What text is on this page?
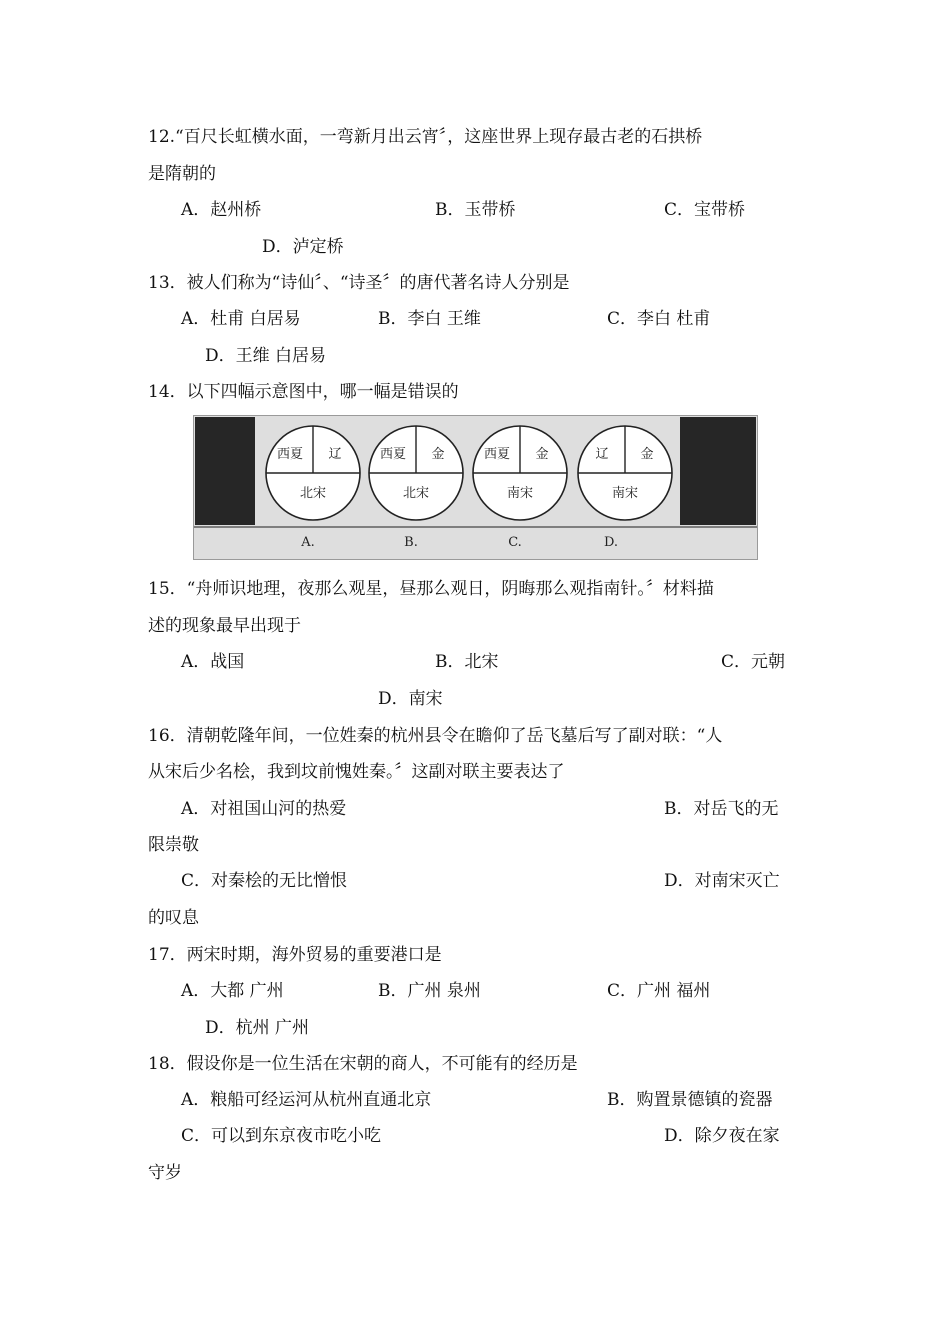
12.“百尺长虹横水面，一弯新月出云宵〞，这座世界上现存最古老的石拱桥
是隋朝的
A．赵州桥	B．玉带桥	C．宝带桥
D．泸定桥
13．被人们称为“诗仙〞、“诗圣〞的唐代著名诗人分别是
A．杜甫 白居易	B．李白 王维	C．李白 杜甫
D．王维 白居易
14．以下四幅示意图中，哪一幅是错误的
西夏 辽
北宋
A.
西夏 金
北宋
B.
西夏 金
南宋
C.
辽 金
南宋
D.
15．“舟师识地理，夜那么观星，昼那么观日，阴晦那么观指南针。〞材料描
述的现象最早出现于
A．战国	B．北宋	C．元朝
D．南宋
16．清朝乾隆年间，一位姓秦的杭州县令在瞻仰了岳飞墓后写了副对联：“人
从宋后少名桧，我到坟前愧姓秦。〞这副对联主要表达了
A．对祖国山河的热爱	B．对岳飞的无
限崇敬
C．对秦桧的无比憎恨	D．对南宋灭亡
的叹息
17．两宋时期，海外贸易的重要港口是
A．大都 广州	B．广州 泉州	C．广州 福州
D．杭州 广州
18．假设你是一位生活在宋朝的商人，不可能有的经历是
A．粮船可经运河从杭州直通北京	B．购置景德镇的瓷器
C．可以到东京夜市吃小吃	D．除夕夜在家
守岁
